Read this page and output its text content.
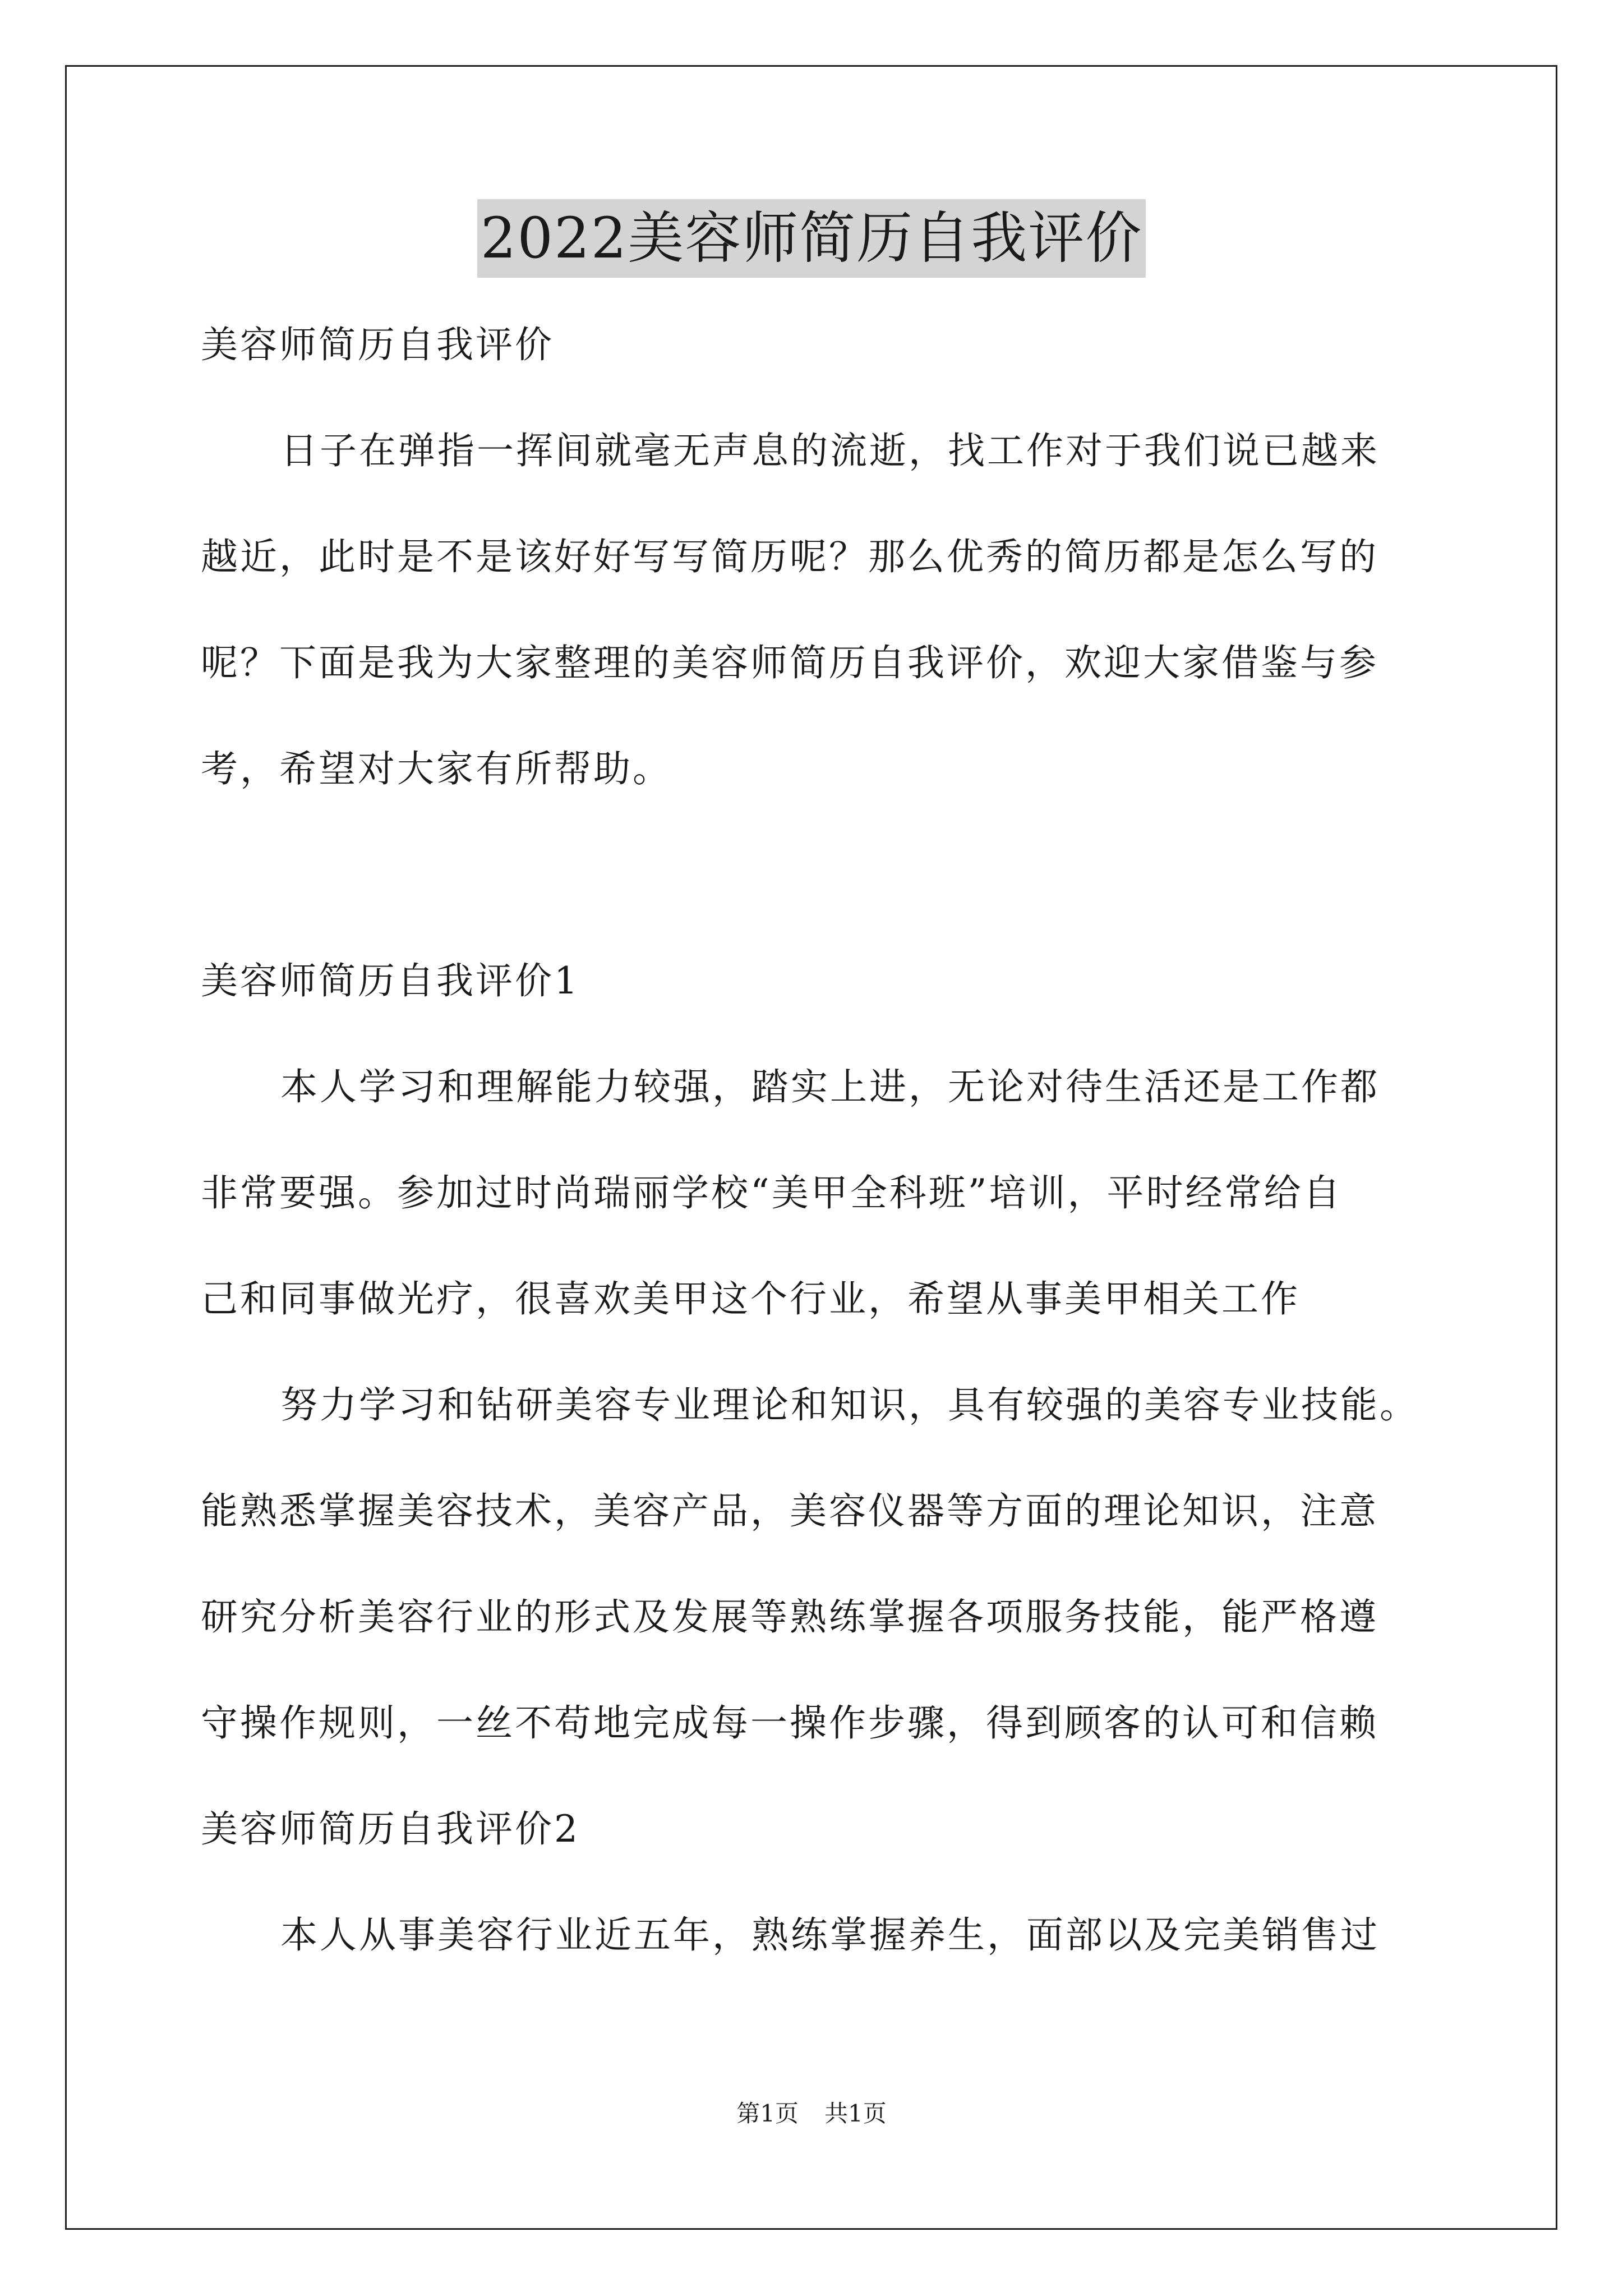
2022美容师简历自我评价
美容师简历自我评价
日子在弹指一挥间就毫无声息的流逝，找工作对于我们说已越来
越近，此时是不是该好好写写简历呢？那么优秀的简历都是怎么写的
呢？下面是我为大家整理的美容师简历自我评价，欢迎大家借鉴与参
考，希望对大家有所帮助。
美容师简历自我评价1
本人学习和理解能力较强，踏实上进，无论对待生活还是工作都
非常要强。参加过时尚瑞丽学校“美甲全科班”培训，平时经常给自
己和同事做光疗，很喜欢美甲这个行业，希望从事美甲相关工作
努力学习和钻研美容专业理论和知识，具有较强的美容专业技能。
能熟悉掌握美容技术，美容产品，美容仪器等方面的理论知识，注意
研究分析美容行业的形式及发展等熟练掌握各项服务技能，能严格遵
守操作规则，一丝不苟地完成每一操作步骤，得到顾客的认可和信赖
美容师简历自我评价2
本人从事美容行业近五年，熟练掌握养生，面部以及完美销售过
第1页 共1页
